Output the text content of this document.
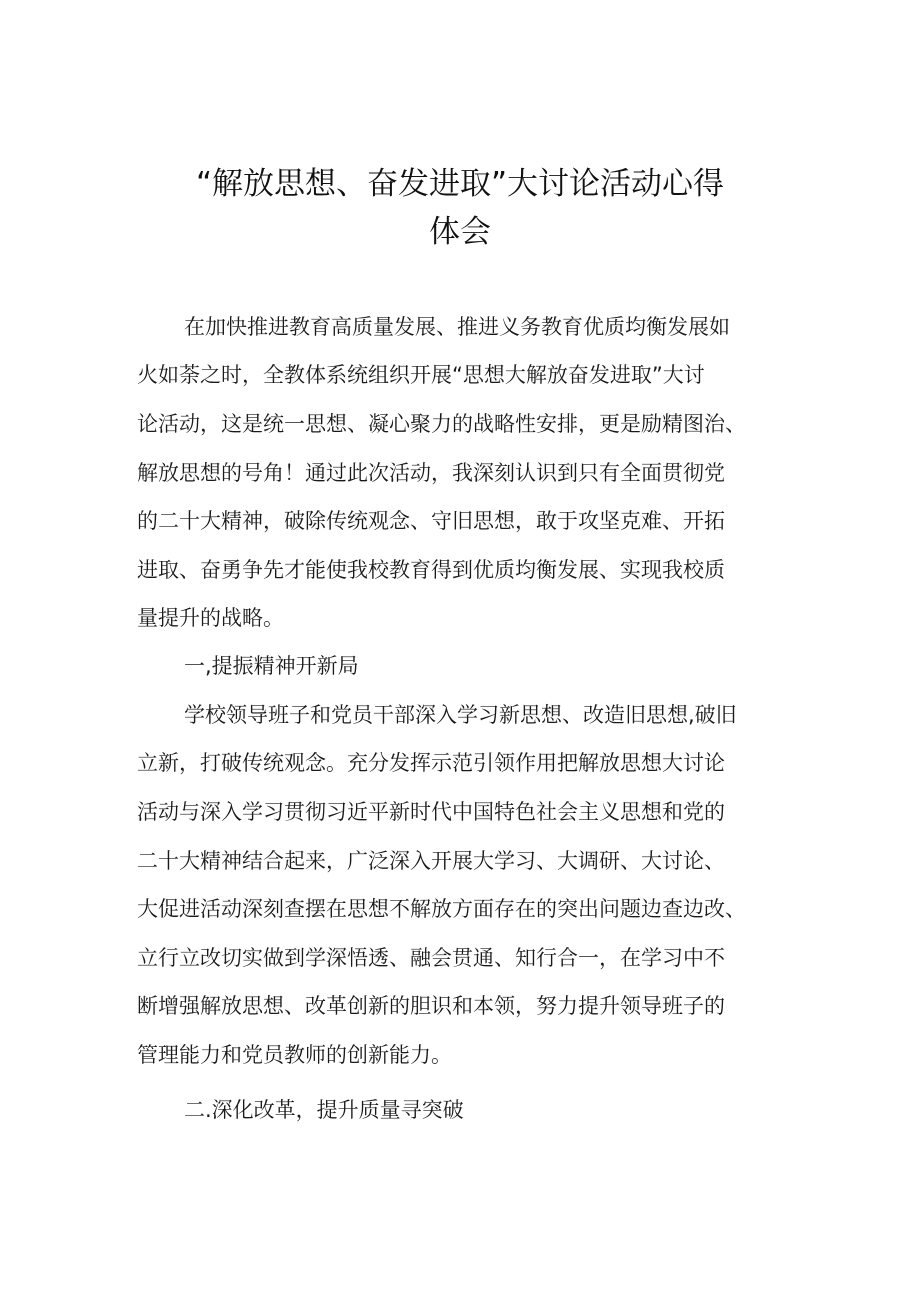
“解放思想、奋发进取”大讨论活动心得
体会
在加快推进教育高质量发展、推进义务教育优质均衡发展如
火如荼之时，全教体系统组织开展“思想大解放奋发进取”大讨
论活动，这是统一思想、凝心聚力的战略性安排，更是励精图治、
解放思想的号角！通过此次活动，我深刻认识到只有全面贯彻党
的二十大精神，破除传统观念、守旧思想，敢于攻坚克难、开拓
进取、奋勇争先才能使我校教育得到优质均衡发展、实现我校质
量提升的战略。
一,提振精神开新局
学校领导班子和党员干部深入学习新思想、改造旧思想,破旧
立新，打破传统观念。充分发挥示范引领作用把解放思想大讨论
活动与深入学习贯彻习近平新时代中国特色社会主义思想和党的
二十大精神结合起来，广泛深入开展大学习、大调研、大讨论、
大促进活动深刻查摆在思想不解放方面存在的突出问题边查边改、
立行立改切实做到学深悟透、融会贯通、知行合一，在学习中不
断增强解放思想、改革创新的胆识和本领，努力提升领导班子的
管理能力和党员教师的创新能力。
二.深化改革，提升质量寻突破
